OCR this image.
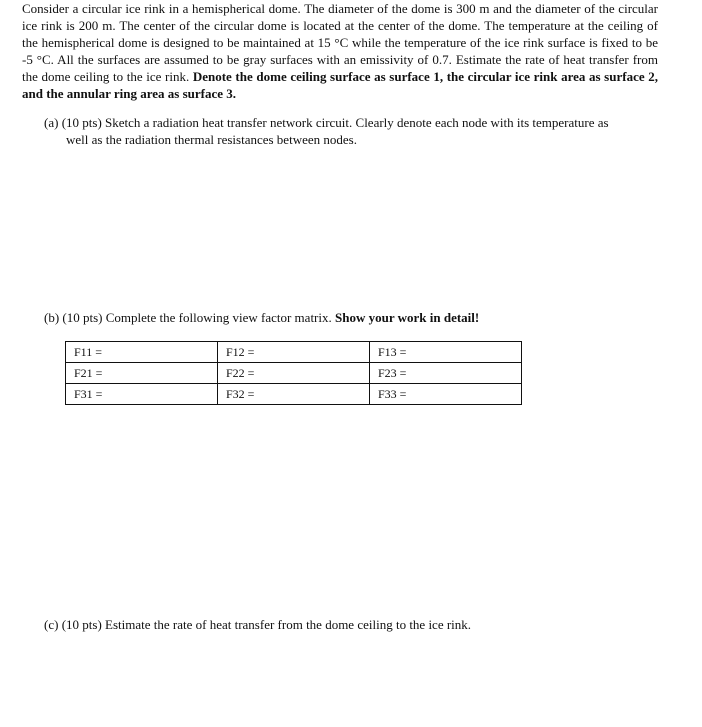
Consider a circular ice rink in a hemispherical dome. The diameter of the dome is 300 m and the diameter of the circular ice rink is 200 m. The center of the circular dome is located at the center of the dome. The temperature at the ceiling of the hemispherical dome is designed to be maintained at 15 °C while the temperature of the ice rink surface is fixed to be -5 °C. All the surfaces are assumed to be gray surfaces with an emissivity of 0.7. Estimate the rate of heat transfer from the dome ceiling to the ice rink. Denote the dome ceiling surface as surface 1, the circular ice rink area as surface 2, and the annular ring area as surface 3.
(a) (10 pts) Sketch a radiation heat transfer network circuit. Clearly denote each node with its temperature as
well as the radiation thermal resistances between nodes.
(b) (10 pts) Complete the following view factor matrix. Show your work in detail!
F11 =	F12 =	F13 =
F21 =	F22 =	F23 =
F31 =	F32 =	F33 =
(c) (10 pts) Estimate the rate of heat transfer from the dome ceiling to the ice rink.
